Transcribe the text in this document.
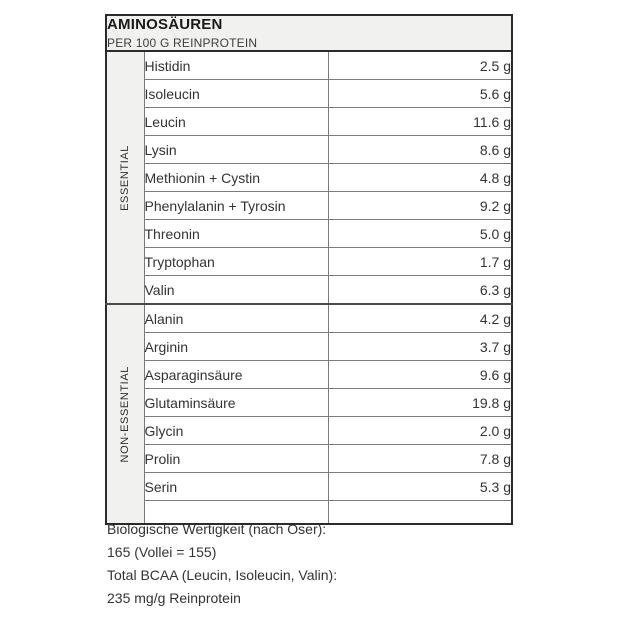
AMINOSÄUREN
PER 100 G REINPROTEIN		

ESSENTIAL	Histidin	2.5 g
	Isoleucin	5.6 g
	Leucin	11.6 g
	Lysin	8.6 g
	Methionin + Cystin	4.8 g
	Phenylalanin + Tyrosin	9.2 g
	Threonin	5.0 g
	Tryptophan	1.7 g
	Valin	6.3 g

NON-ESSENTIAL	Alanin	4.2 g
	Arginin	3.7 g
	Asparaginsäure	9.6 g
	Glutaminsäure	19.8 g
	Glycin	2.0 g
	Prolin	7.8 g
	Serin	5.3 g

Biologische Wertigkeit (nach Oser):
165 (Vollei = 155)
Total BCAA (Leucin, Isoleucin, Valin):
235 mg/g Reinprotein
